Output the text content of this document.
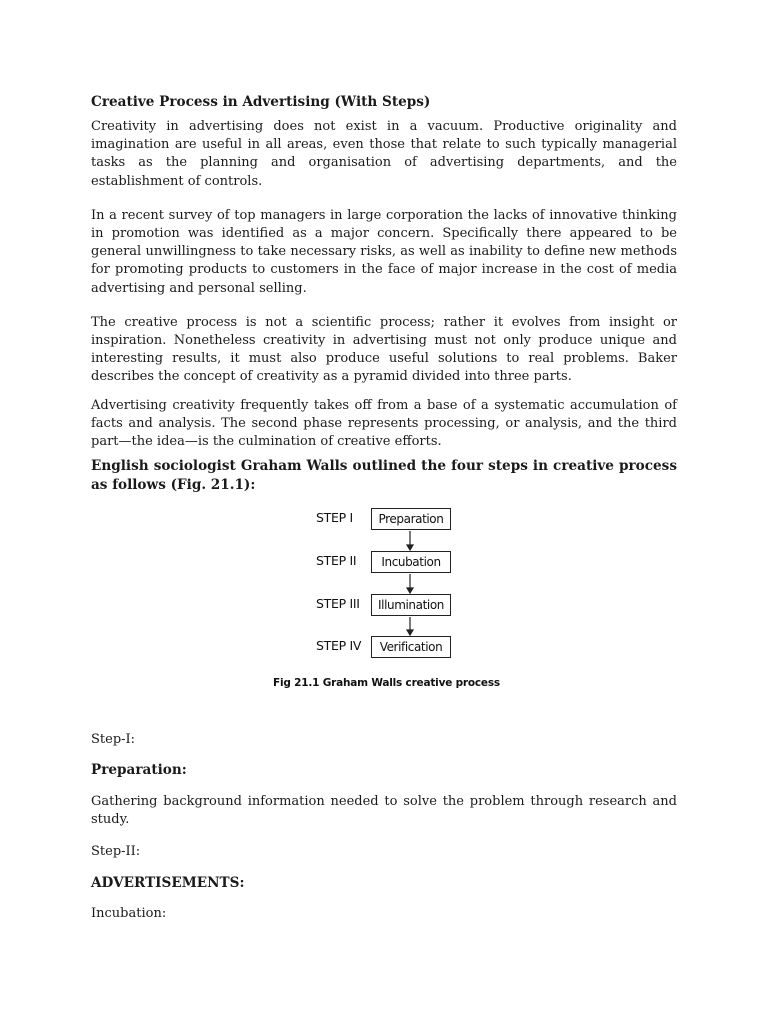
Creative Process in Advertising (With Steps)

Creativity in advertising does not exist in a vacuum. Productive originality and imagination are useful in all areas, even those that relate to such typically managerial tasks as the planning and organisation of advertising departments, and the establishment of controls.

In a recent survey of top managers in large corporation the lacks of innovative thinking in promotion was identified as a major concern. Specifically there appeared to be general unwillingness to take necessary risks, as well as inability to define new methods for promoting products to customers in the face of major increase in the cost of media advertising and personal selling.

The creative process is not a scientific process; rather it evolves from insight or inspiration. Nonetheless creativity in advertising must not only produce unique and interesting results, it must also produce useful solutions to real problems. Baker describes the concept of creativity as a pyramid divided into three parts.

Advertising creativity frequently takes off from a base of a systematic accumulation of facts and analysis. The second phase represents processing, or analysis, and the third part—the idea—is the culmination of creative efforts.

English sociologist Graham Walls outlined the four steps in creative process as follows (Fig. 21.1):

STEP I	Preparation
STEP II	Incubation
STEP III	Illumination
STEP IV	Verification
Fig 21.1 Graham Walls creative process

Step-I:

Preparation:

Gathering background information needed to solve the problem through research and study.

Step-II:

ADVERTISEMENTS:

Incubation:
